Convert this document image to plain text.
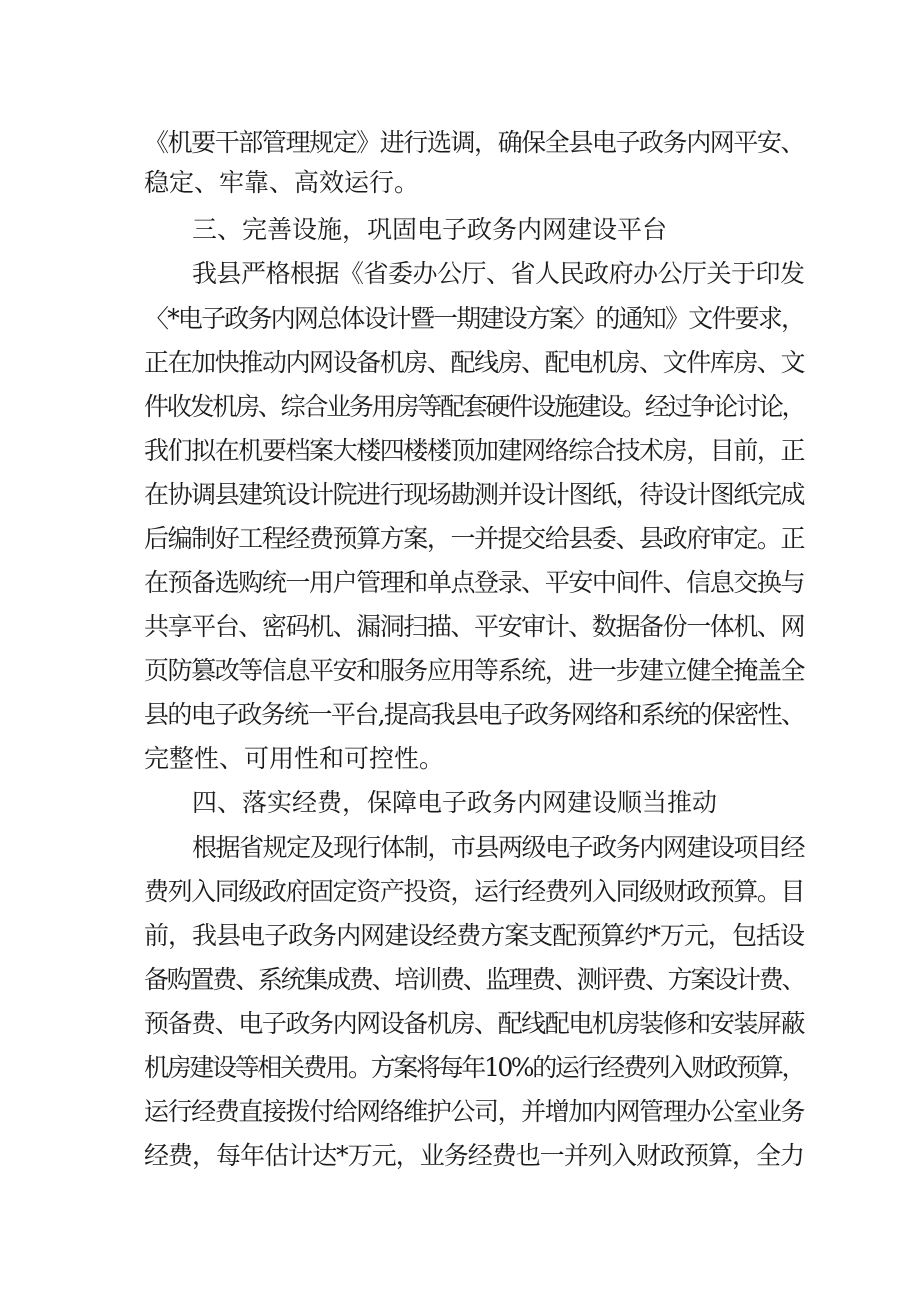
《机要干部管理规定》进行选调，确保全县电子政务内网平安、
稳定、牢靠、高效运行。
三、完善设施，巩固电子政务内网建设平台
我县严格根据《省委办公厅、省人民政府办公厅关于印发
〈*电子政务内网总体设计暨一期建设方案〉的通知》文件要求，
正在加快推动内网设备机房、配线房、配电机房、文件库房、文
件收发机房、综合业务用房等配套硬件设施建设。经过争论讨论，
我们拟在机要档案大楼四楼楼顶加建网络综合技术房，目前，正
在协调县建筑设计院进行现场勘测并设计图纸，待设计图纸完成
后编制好工程经费预算方案，一并提交给县委、县政府审定。正
在预备选购统一用户管理和单点登录、平安中间件、信息交换与
共享平台、密码机、漏洞扫描、平安审计、数据备份一体机、网
页防篡改等信息平安和服务应用等系统，进一步建立健全掩盖全
县的电子政务统一平台,提高我县电子政务网络和系统的保密性、
完整性、可用性和可控性。
四、落实经费，保障电子政务内网建设顺当推动
根据省规定及现行体制，市县两级电子政务内网建设项目经
费列入同级政府固定资产投资，运行经费列入同级财政预算。目
前，我县电子政务内网建设经费方案支配预算约*万元，包括设
备购置费、系统集成费、培训费、监理费、测评费、方案设计费、
预备费、电子政务内网设备机房、配线配电机房装修和安装屏蔽
机房建设等相关费用。方案将每年10%的运行经费列入财政预算，
运行经费直接拨付给网络维护公司，并增加内网管理办公室业务
经费，每年估计达*万元，业务经费也一并列入财政预算，全力
